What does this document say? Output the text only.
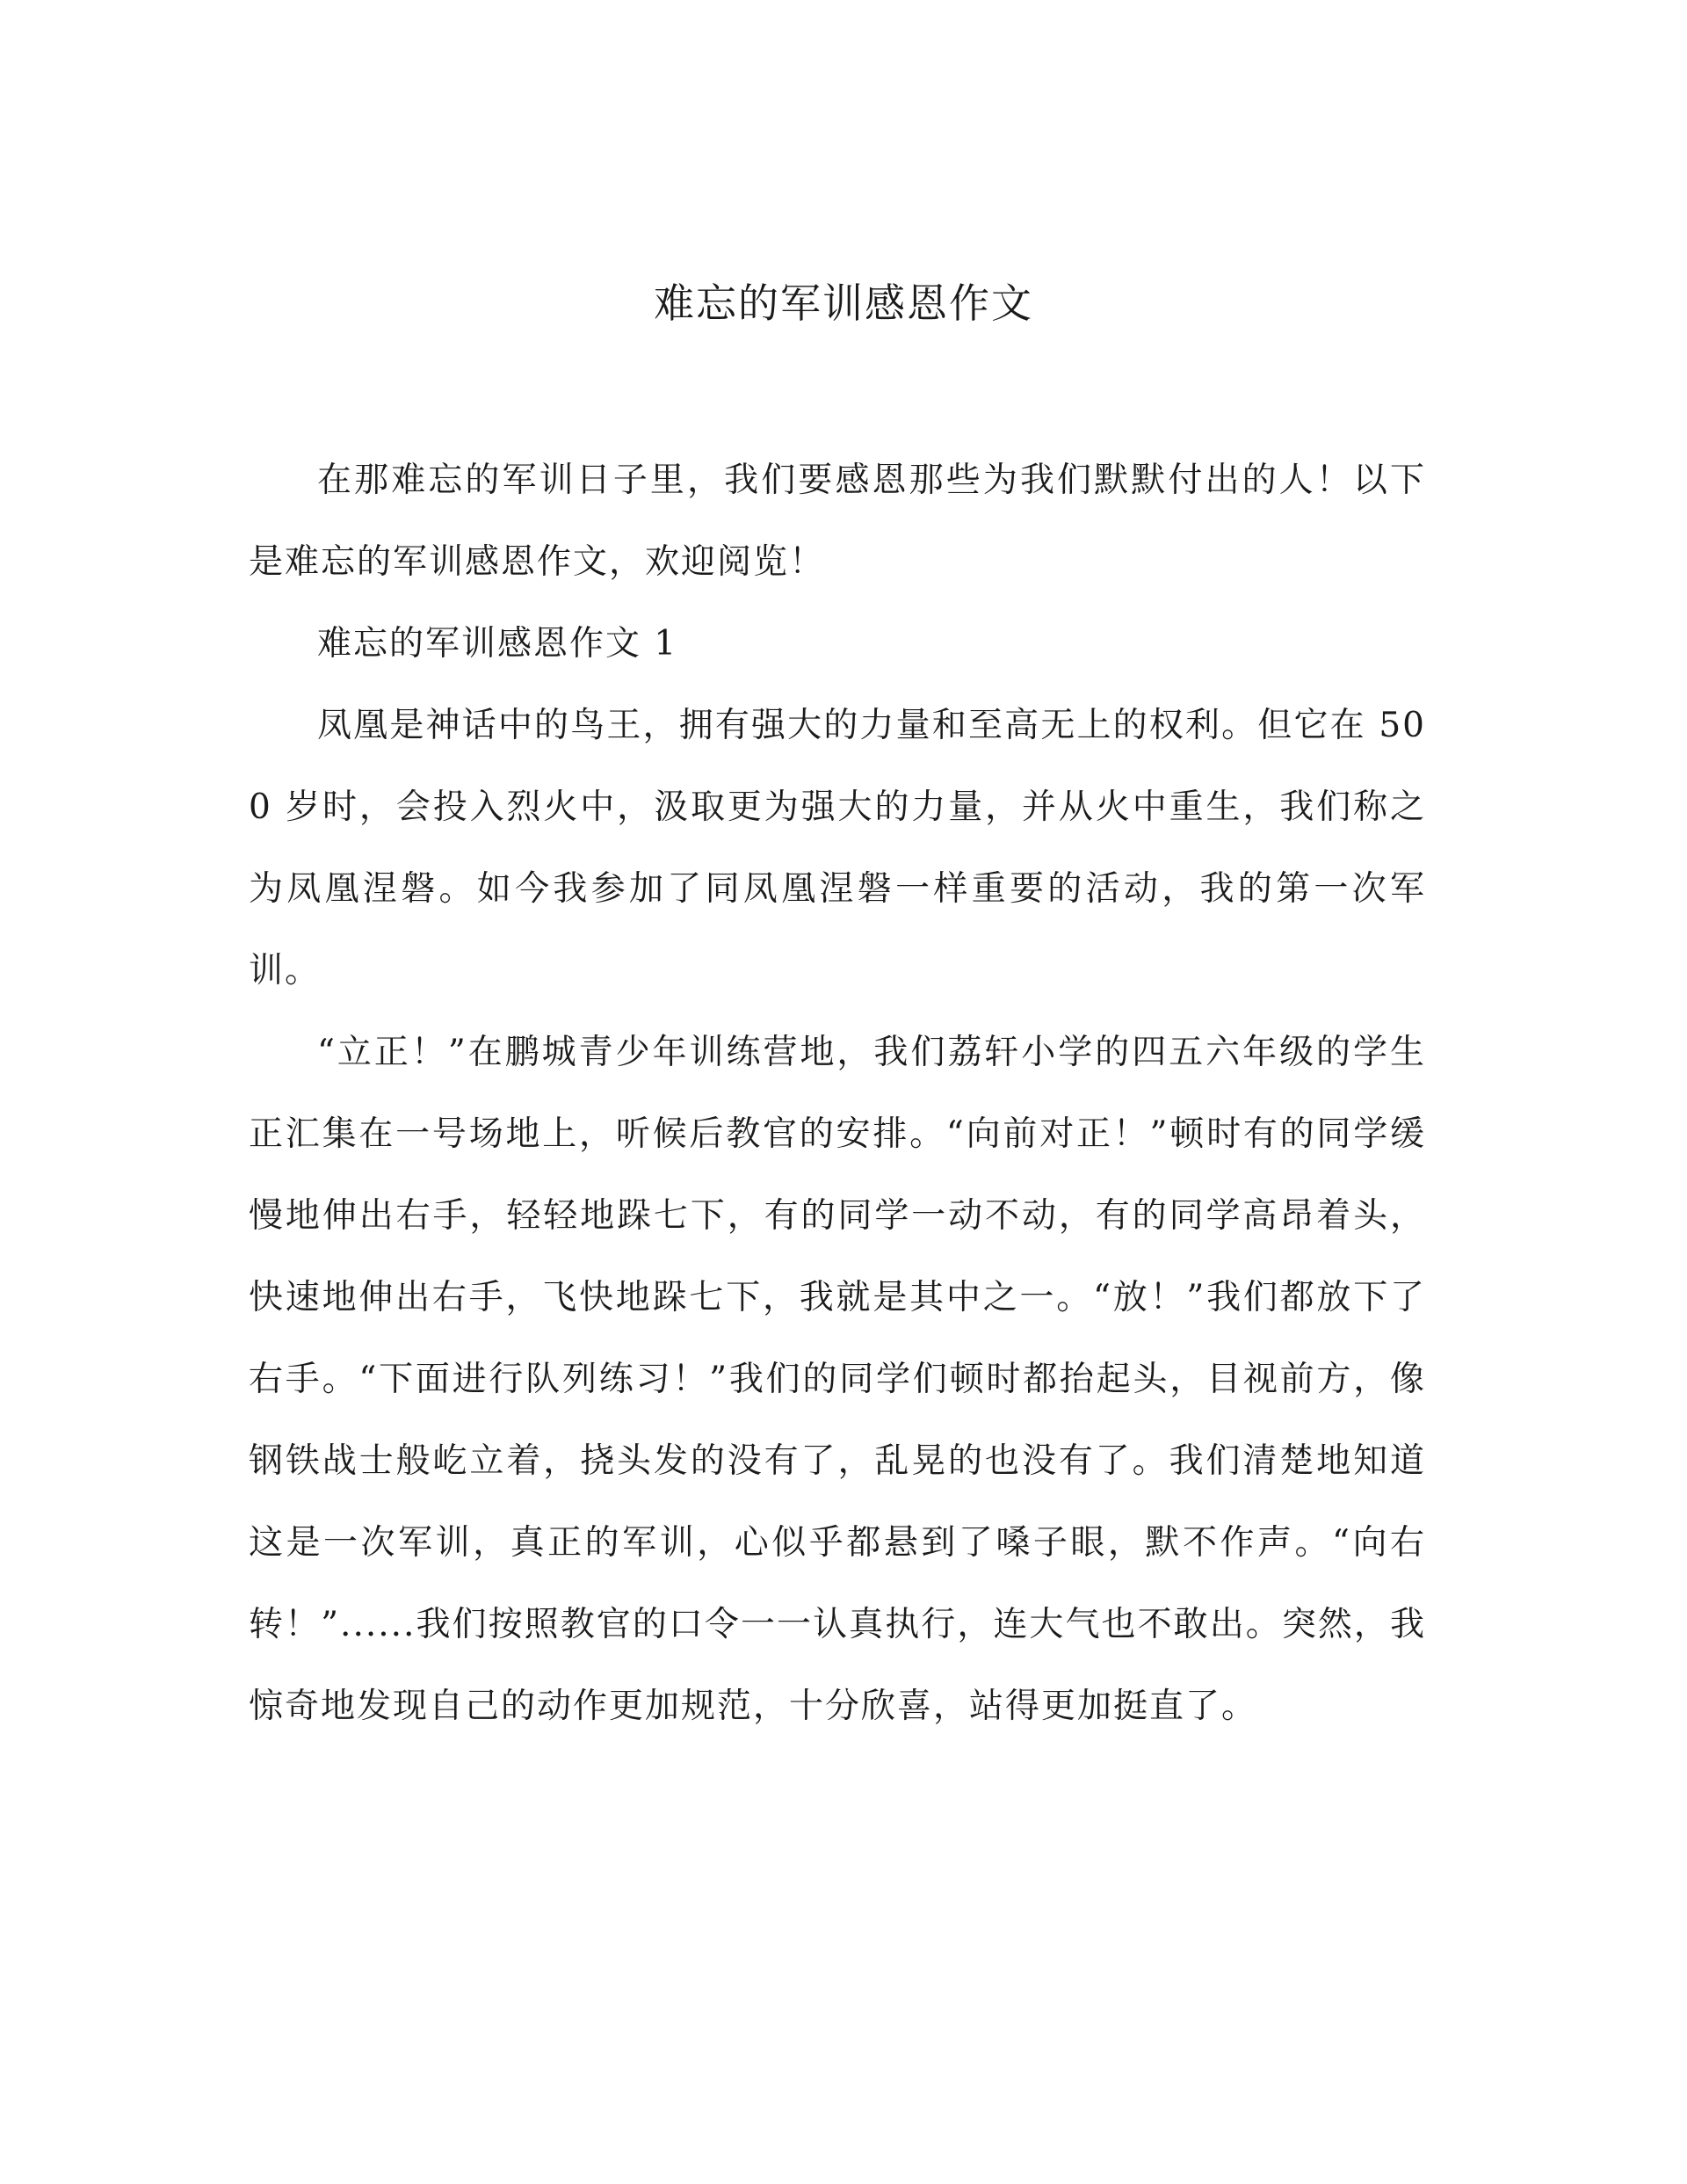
难忘的军训感恩作文

在那难忘的军训日子里，我们要感恩那些为我们默默付出的人！以下是难忘的军训感恩作文，欢迎阅览！

难忘的军训感恩作文 1

凤凰是神话中的鸟王，拥有强大的力量和至高无上的权利。但它在 500 岁时，会投入烈火中，汲取更为强大的力量，并从火中重生，我们称之为凤凰涅磐。如今我参加了同凤凰涅磐一样重要的活动，我的第一次军训。

“立正！”在鹏城青少年训练营地，我们荔轩小学的四五六年级的学生正汇集在一号场地上，听候后教官的安排。“向前对正！”顿时有的同学缓慢地伸出右手，轻轻地跺七下，有的同学一动不动，有的同学高昂着头，快速地伸出右手，飞快地跺七下，我就是其中之一。“放！”我们都放下了右手。“下面进行队列练习！”我们的同学们顿时都抬起头，目视前方，像钢铁战士般屹立着，挠头发的没有了，乱晃的也没有了。我们清楚地知道这是一次军训，真正的军训，心似乎都悬到了嗓子眼，默不作声。“向右转！”......我们按照教官的口令一一认真执行，连大气也不敢出。突然，我惊奇地发现自己的动作更加规范，十分欣喜，站得更加挺直了。
